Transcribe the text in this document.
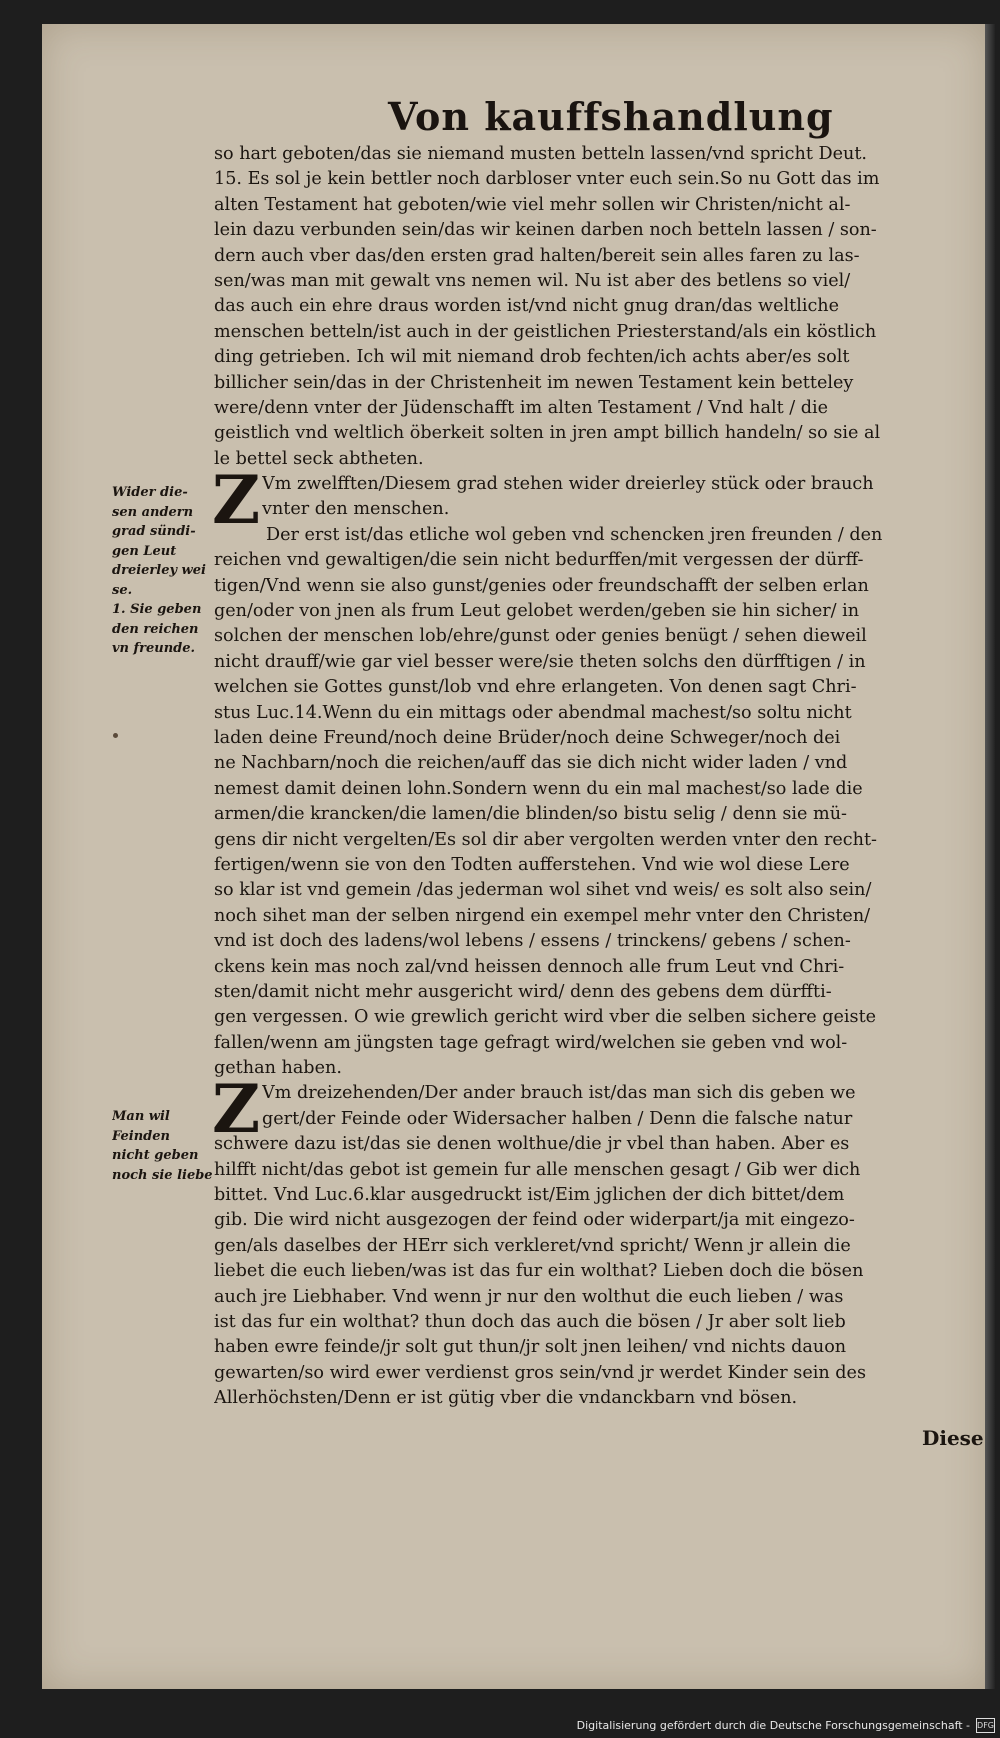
Von kauffshandlung
so hart geboten/das sie niemand musten betteln lassen/vnd spricht Deut.
15. Es sol je kein bettler noch darbloser vnter euch sein.So nu Gott das im
alten Testament hat geboten/wie viel mehr sollen wir Christen/nicht al-
lein dazu verbunden sein/das wir keinen darben noch betteln lassen / son-
dern auch vber das/den ersten grad halten/bereit sein alles faren zu las-
sen/was man mit gewalt vns nemen wil. Nu ist aber des betlens so viel/
das auch ein ehre draus worden ist/vnd nicht gnug dran/das weltliche
menschen betteln/ist auch in der geistlichen Priesterstand/als ein köstlich
ding getrieben. Ich wil mit niemand drob fechten/ich achts aber/es solt
billicher sein/das in der Christenheit im newen Testament kein betteley
were/denn vnter der Jüdenschafft im alten Testament / Vnd halt / die
geistlich vnd weltlich öberkeit solten in jren ampt billich handeln/ so sie al
le bettel seck abtheten.
Z Vm zwelfften/Diesem grad stehen wider dreierley stück oder brauch
vnter den menschen.
Der erst ist/das etliche wol geben vnd schencken jren freunden / den
reichen vnd gewaltigen/die sein nicht bedurffen/mit vergessen der dürff-
tigen/Vnd wenn sie also gunst/genies oder freundschafft der selben erlan
gen/oder von jnen als frum Leut gelobet werden/geben sie hin sicher/ in
solchen der menschen lob/ehre/gunst oder genies benügt / sehen dieweil
nicht drauff/wie gar viel besser were/sie theten solchs den dürfftigen / in
welchen sie Gottes gunst/lob vnd ehre erlangeten. Von denen sagt Chri-
stus Luc.14.Wenn du ein mittags oder abendmal machest/so soltu nicht
laden deine Freund/noch deine Brüder/noch deine Schweger/noch dei
ne Nachbarn/noch die reichen/auff das sie dich nicht wider laden / vnd
nemest damit deinen lohn.Sondern wenn du ein mal machest/so lade die
armen/die krancken/die lamen/die blinden/so bistu selig / denn sie mü-
gens dir nicht vergelten/Es sol dir aber vergolten werden vnter den recht-
fertigen/wenn sie von den Todten aufferstehen. Vnd wie wol diese Lere
so klar ist vnd gemein /das jederman wol sihet vnd weis/ es solt also sein/
noch sihet man der selben nirgend ein exempel mehr vnter den Christen/
vnd ist doch des ladens/wol lebens / essens / trinckens/ gebens / schen-
ckens kein mas noch zal/vnd heissen dennoch alle frum Leut vnd Chri-
sten/damit nicht mehr ausgericht wird/ denn des gebens dem dürffti-
gen vergessen. O wie grewlich gericht wird vber die selben sichere geiste
fallen/wenn am jüngsten tage gefragt wird/welchen sie geben vnd wol-
gethan haben.
Z Vm dreizehenden/Der ander brauch ist/das man sich dis geben we
gert/der Feinde oder Widersacher halben / Denn die falsche natur
schwere dazu ist/das sie denen wolthue/die jr vbel than haben. Aber es
hilfft nicht/das gebot ist gemein fur alle menschen gesagt / Gib wer dich
bittet. Vnd Luc.6.klar ausgedruckt ist/Eim jglichen der dich bittet/dem
gib. Die wird nicht ausgezogen der feind oder widerpart/ja mit eingezo-
gen/als daselbes der HErr sich verkleret/vnd spricht/ Wenn jr allein die
liebet die euch lieben/was ist das fur ein wolthat? Lieben doch die bösen
auch jre Liebhaber. Vnd wenn jr nur den wolthut die euch lieben / was
ist das fur ein wolthat? thun doch das auch die bösen / Jr aber solt lieb
haben ewre feinde/jr solt gut thun/jr solt jnen leihen/ vnd nichts dauon
gewarten/so wird ewer verdienst gros sein/vnd jr werdet Kinder sein des
Allerhöchsten/Denn er ist gütig vber die vndanckbarn vnd bösen.
Wider die-
sen andern
grad sündi-
gen Leut
dreierley wei
se.
1. Sie geben
den reichen
vn freunde.
Man wil
Feinden
nicht geben
noch sie liebe
Diese
Digitalisierung gefördert durch die Deutsche Forschungsgemeinschaft - DFG
